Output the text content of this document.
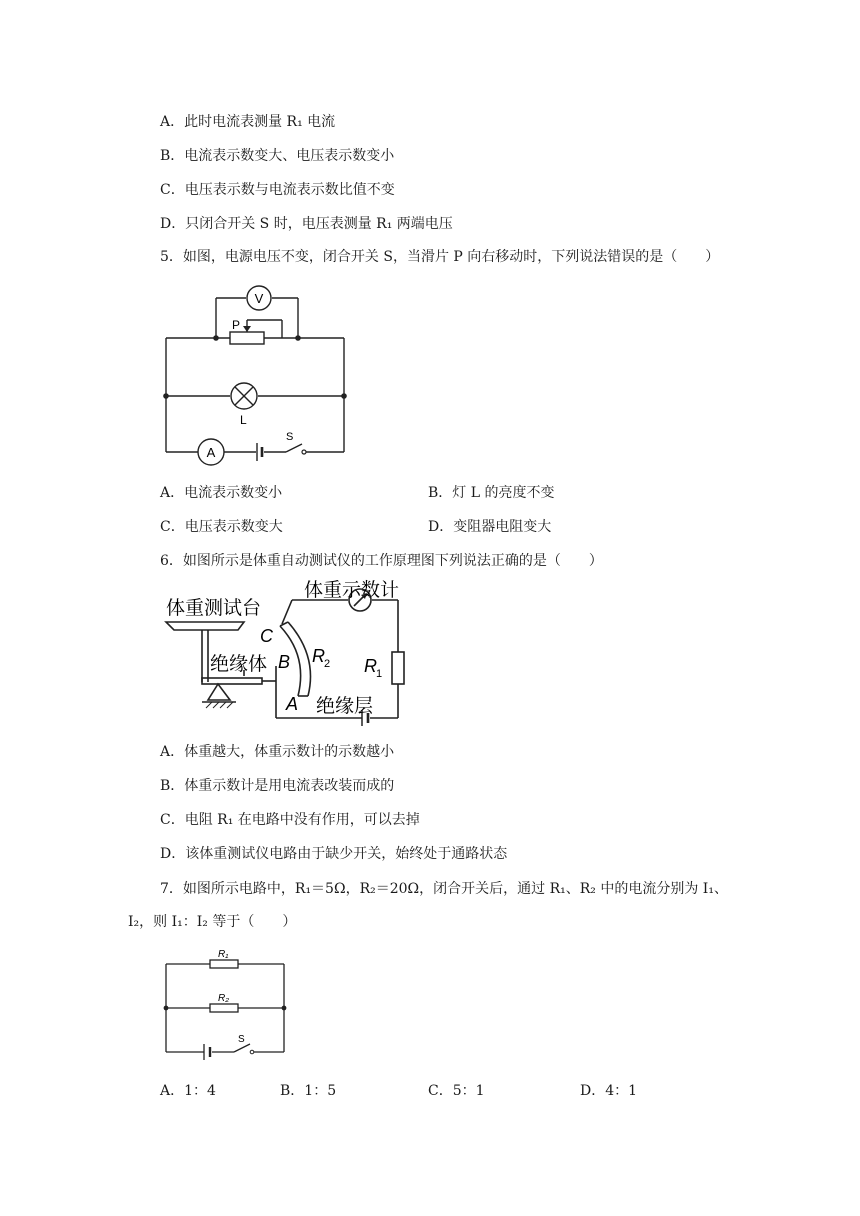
A．此时电流表测量 R₁ 电流
B．电流表示数变大、电压表示数变小
C．电压表示数与电流表示数比值不变
D．只闭合开关 S 时，电压表测量 R₁ 两端电压
5．如图，电源电压不变，闭合开关 S，当滑片 P 向右移动时，下列说法错误的是（　　）
V
A
P
L
S
A．电流表示数变小	B．灯 L 的亮度不变
C．电压表示数变大	D．变阻器电阻变大
6．如图所示是体重自动测试仪的工作原理图下列说法正确的是（　　）
体重测试台
体重示数计
绝缘体
绝缘层
C
B
A
R 2 R 1
A．体重越大，体重示数计的示数越小
B．体重示数计是用电流表改装而成的
C．电阻 R₁ 在电路中没有作用，可以去掉
D．该体重测试仪电路由于缺少开关，始终处于通路状态
7．如图所示电路中，R₁＝5Ω，R₂＝20Ω，闭合开关后，通过 R₁、R₂ 中的电流分别为 I₁、
I₂，则 I₁：I₂ 等于（　　）
R₁
R₂
S
A．1：4	B．1：5	C．5：1	D．4：1
